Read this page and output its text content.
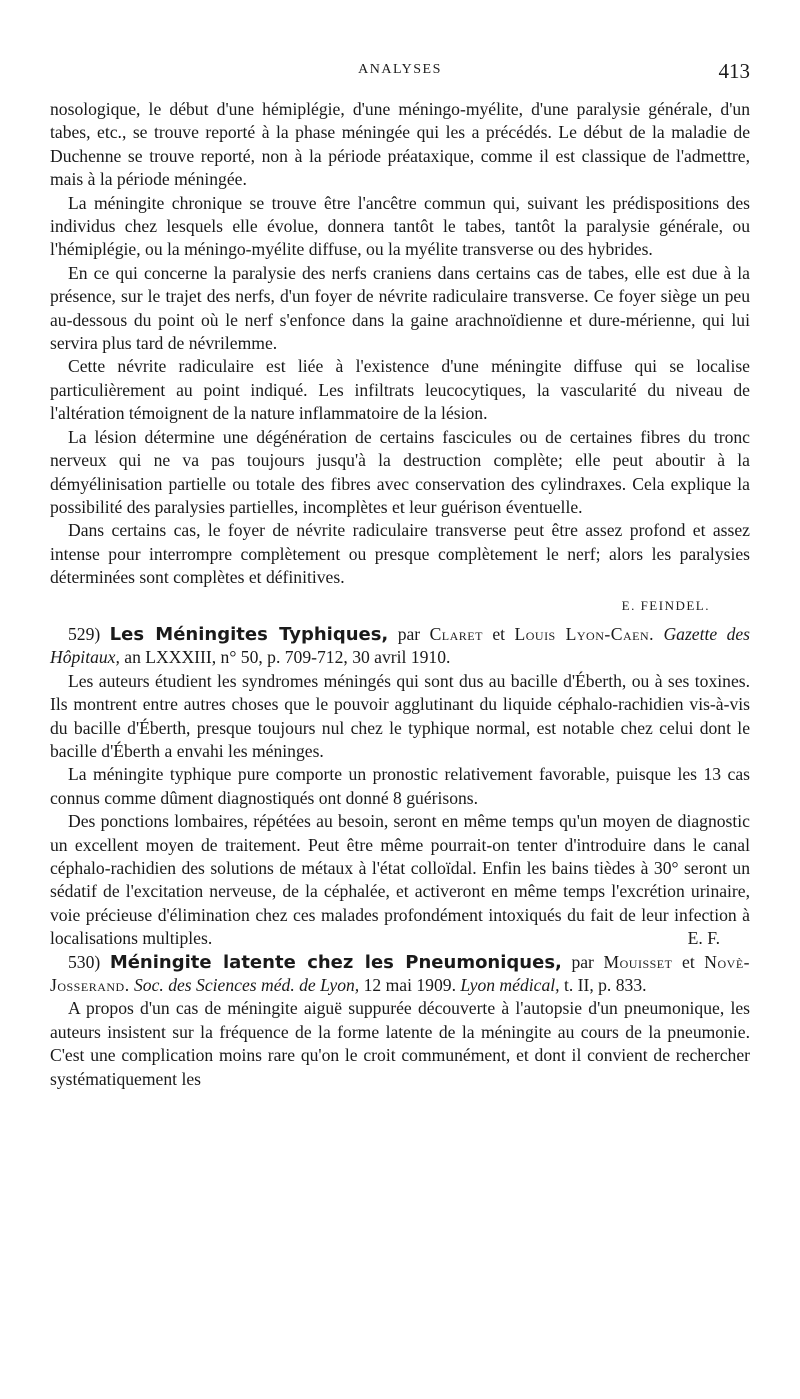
ANALYSES	413

nosologique, le début d'une hémiplégie, d'une méningo-myélite, d'une paralysie générale, d'un tabes, etc., se trouve reporté à la phase méningée qui les a précédés. Le début de la maladie de Duchenne se trouve reporté, non à la période préataxique, comme il est classique de l'admettre, mais à la période méningée.

La méningite chronique se trouve être l'ancêtre commun qui, suivant les prédispositions des individus chez lesquels elle évolue, donnera tantôt le tabes, tantôt la paralysie générale, ou l'hémiplégie, ou la méningo-myélite diffuse, ou la myélite transverse ou des hybrides.

En ce qui concerne la paralysie des nerfs craniens dans certains cas de tabes, elle est due à la présence, sur le trajet des nerfs, d'un foyer de névrite radiculaire transverse. Ce foyer siège un peu au-dessous du point où le nerf s'enfonce dans la gaine arachnoïdienne et dure-mérienne, qui lui servira plus tard de névrilemme.

Cette névrite radiculaire est liée à l'existence d'une méningite diffuse qui se localise particulièrement au point indiqué. Les infiltrats leucocytiques, la vascularité du niveau de l'altération témoignent de la nature inflammatoire de la lésion.

La lésion détermine une dégénération de certains fascicules ou de certaines fibres du tronc nerveux qui ne va pas toujours jusqu'à la destruction complète; elle peut aboutir à la démyélinisation partielle ou totale des fibres avec conservation des cylindraxes. Cela explique la possibilité des paralysies partielles, incomplètes et leur guérison éventuelle.

Dans certains cas, le foyer de névrite radiculaire transverse peut être assez profond et assez intense pour interrompre complètement ou presque complètement le nerf; alors les paralysies déterminées sont complètes et définitives.

E. FEINDEL.

529) Les Méningites Typhiques, par Claret et Louis Lyon-Caen. Gazette des Hôpitaux, an LXXXIII, n° 50, p. 709-712, 30 avril 1910.

Les auteurs étudient les syndromes méningés qui sont dus au bacille d'Éberth, ou à ses toxines. Ils montrent entre autres choses que le pouvoir agglutinant du liquide céphalo-rachidien vis-à-vis du bacille d'Éberth, presque toujours nul chez le typhique normal, est notable chez celui dont le bacille d'Éberth a envahi les méninges.

La méningite typhique pure comporte un pronostic relativement favorable, puisque les 13 cas connus comme dûment diagnostiqués ont donné 8 guérisons.

Des ponctions lombaires, répétées au besoin, seront en même temps qu'un moyen de diagnostic un excellent moyen de traitement. Peut être même pourrait-on tenter d'introduire dans le canal céphalo-rachidien des solutions de métaux à l'état colloïdal. Enfin les bains tièdes à 30° seront un sédatif de l'excitation nerveuse, de la céphalée, et activeront en même temps l'excrétion urinaire, voie précieuse d'élimination chez ces malades profondément intoxiqués du fait de leur infection à localisations multiples.	E. F.

530) Méningite latente chez les Pneumoniques, par Mouisset et Novè-Josserand. Soc. des Sciences méd. de Lyon, 12 mai 1909. Lyon médical, t. II, p. 833.

A propos d'un cas de méningite aiguë suppurée découverte à l'autopsie d'un pneumonique, les auteurs insistent sur la fréquence de la forme latente de la méningite au cours de la pneumonie. C'est une complication moins rare qu'on le croit communément, et dont il convient de rechercher systématiquement les
